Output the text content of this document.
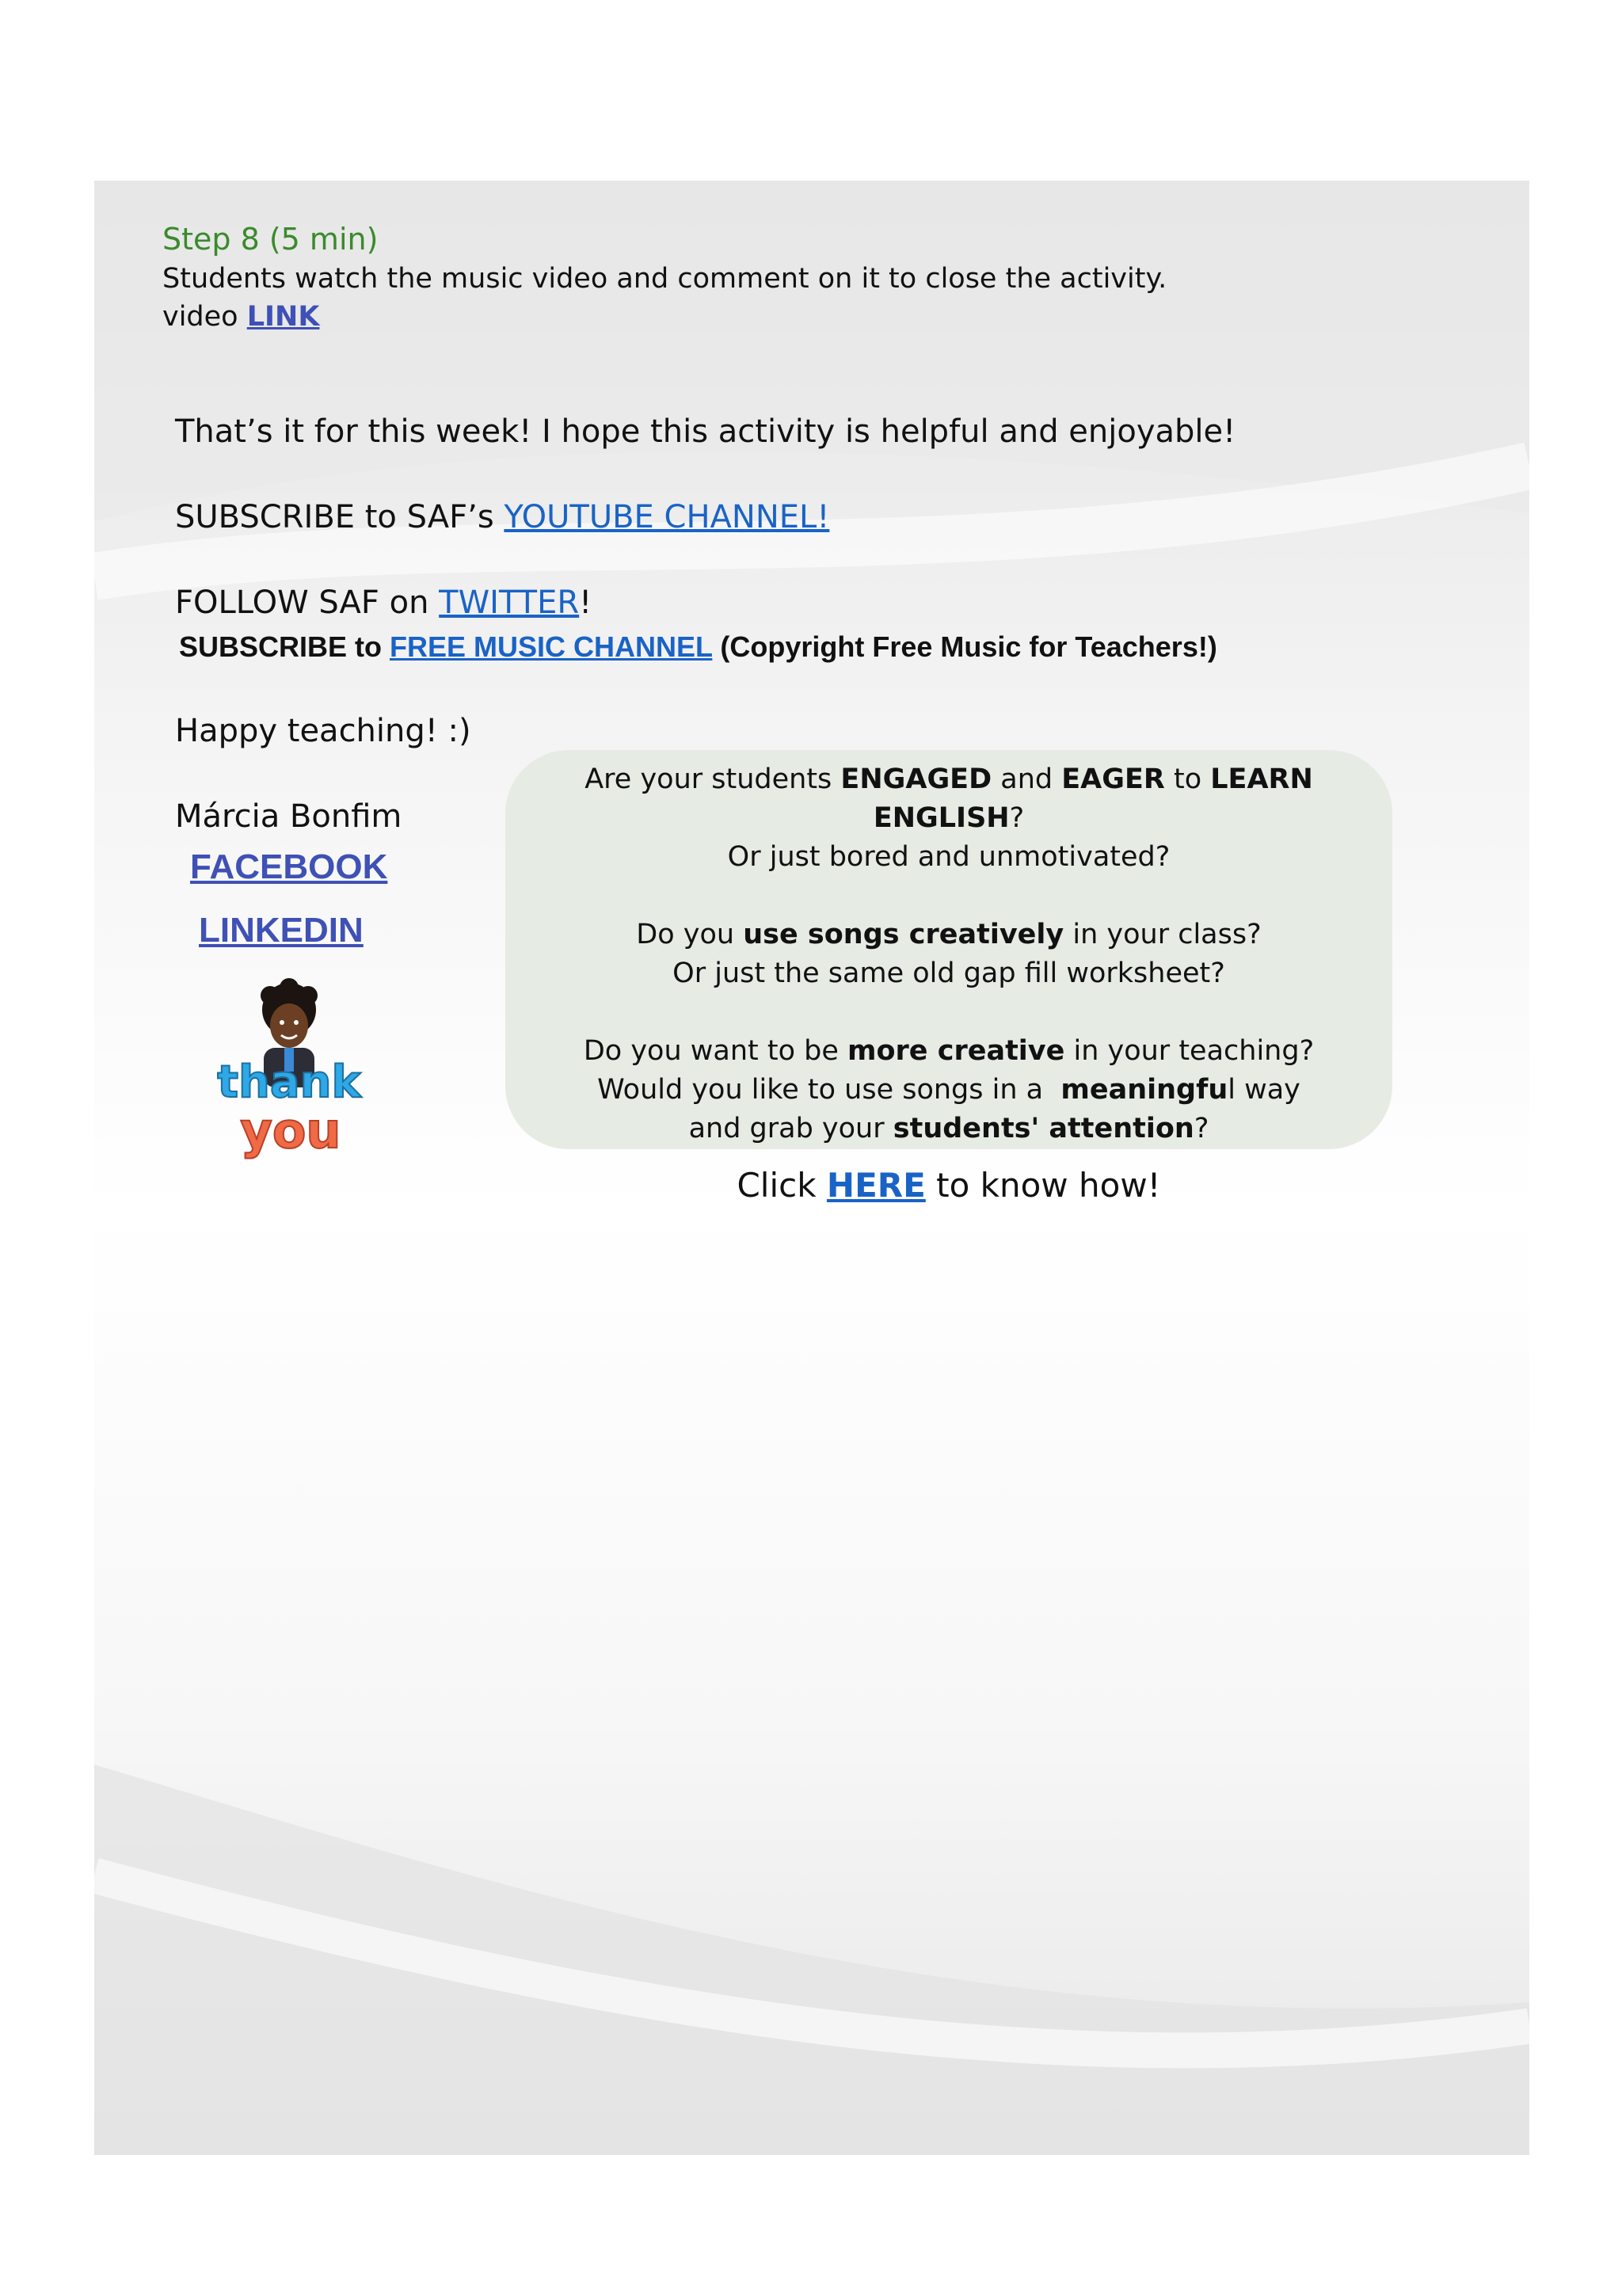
Step 8 (5 min)
Students watch the music video and comment on it to close the activity.
video LINK
That’s it for this week! I hope this activity is helpful and enjoyable!
SUBSCRIBE to SAF’s YOUTUBE CHANNEL!
FOLLOW SAF on TWITTER!
SUBSCRIBE to FREE MUSIC CHANNEL (Copyright Free Music for Teachers!)
Happy teaching! :)
Márcia Bonfim
FACEBOOK
LINKEDIN
thank
you

Are your students ENGAGED and EAGER to LEARN

ENGLISH?

Or just bored and unmotivated?

Do you use songs creatively in your class?

Or just the same old gap fill worksheet?

Do you want to be more creative in your teaching?

Would you like to use songs in a  meaningful way

and grab your students' attention?

Click HERE to know how!
